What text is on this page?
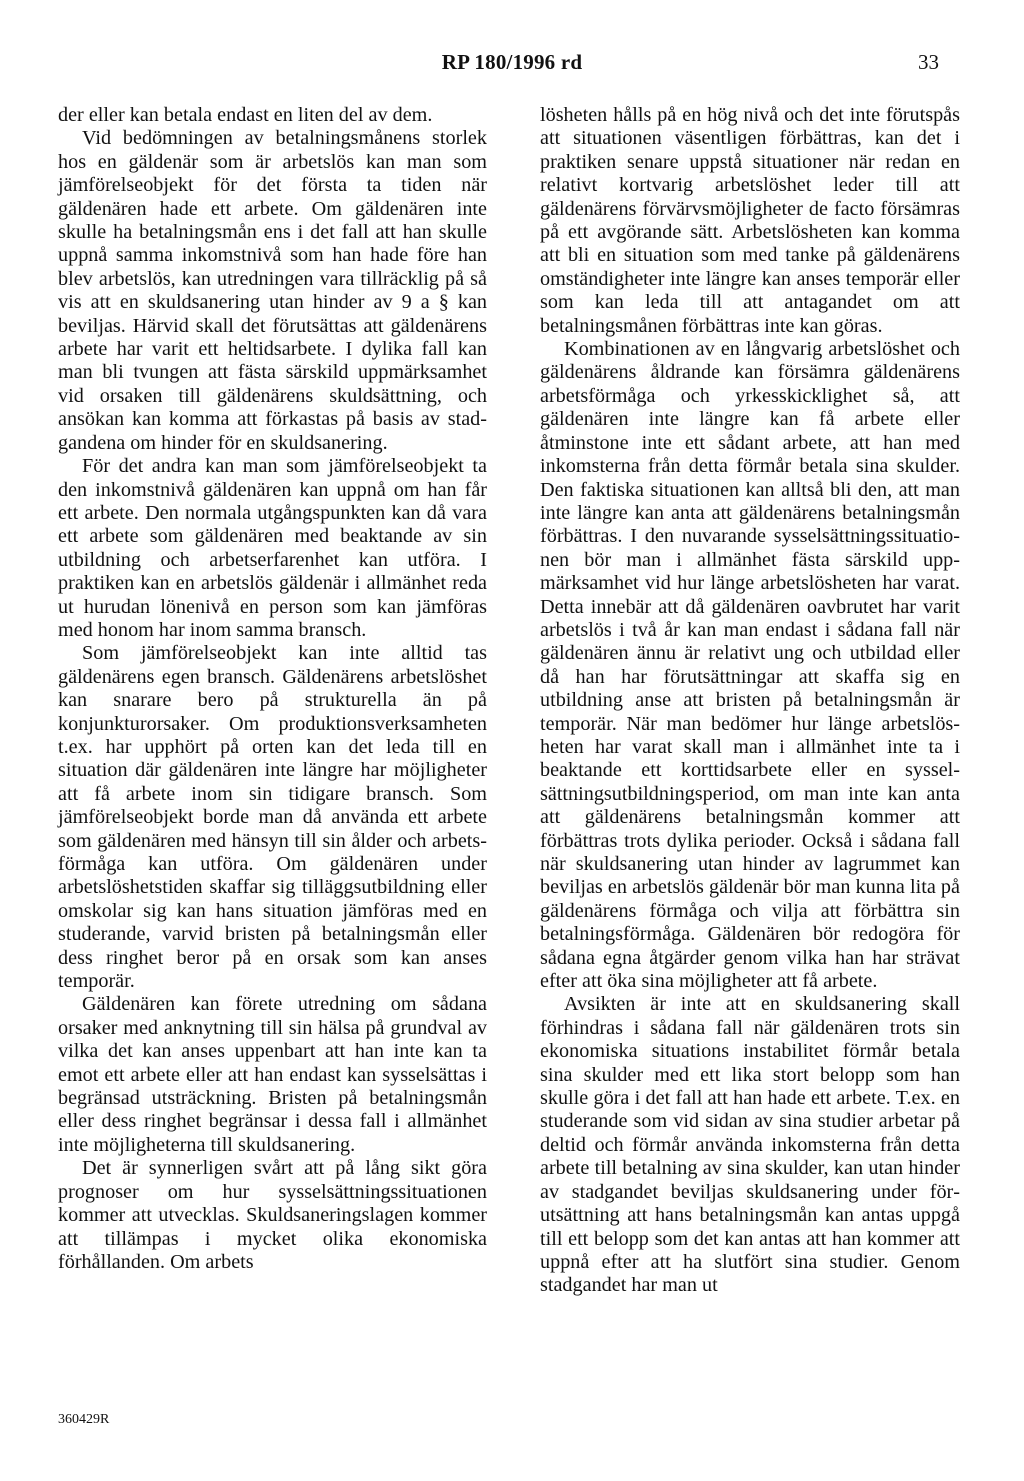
RP 180/1996 rd	33

der eller kan betala endast en liten del av dem.

Vid bedömningen av betalningsmånens storlek hos en gäldenär som är arbetslös kan man som jämförelseobjekt för det första ta tiden när gäldenären hade ett arbete. Om gäldenären inte skulle ha betalningsmån ens i det fall att han skulle uppnå samma inkomstnivå som han hade före han blev arbetslös, kan utredningen vara tillräcklig på så vis att en skuldsanering utan hinder av 9 a § kan beviljas. Härvid skall det förutsättas att gäldenärens arbete har varit ett heltidsarbete. I dylika fall kan man bli tvungen att fästa särskild uppmärksamhet vid orsaken till gäldenärens skuldsättning, och ansökan kan komma att förkastas på basis av stadgandena om hinder för en skuldsanering.

För det andra kan man som jämförelseobjekt ta den inkomstnivå gäldenären kan uppnå om han får ett arbete. Den normala utgångspunkten kan då vara ett arbete som gäldenären med beaktande av sin utbildning och arbetserfarenhet kan utföra. I praktiken kan en arbetslös gäldenär i allmänhet reda ut hurudan lönenivå en person som kan jämföras med honom har inom samma bransch.

Som jämförelseobjekt kan inte alltid tas gäldenärens egen bransch. Gäldenärens arbetslöshet kan snarare bero på strukturella än på konjunkturorsaker. Om produktionsverksamheten t.ex. har upphört på orten kan det leda till en situation där gäldenären inte längre har möjligheter att få arbete inom sin tidigare bransch. Som jämförelseobjekt borde man då använda ett arbete som gäldenären med hänsyn till sin ålder och arbetsförmåga kan utföra. Om gäldenären under arbetslöshetstiden skaffar sig tilläggsutbildning eller omskolar sig kan hans situation jämföras med en studerande, varvid bristen på betalningsmån eller dess ringhet beror på en orsak som kan anses temporär.

Gäldenären kan förete utredning om sådana orsaker med anknytning till sin hälsa på grundval av vilka det kan anses uppenbart att han inte kan ta emot ett arbete eller att han endast kan sysselsättas i begränsad utsträckning. Bristen på betalningsmån eller dess ringhet begränsar i dessa fall i allmänhet inte möjligheterna till skuldsanering.

Det är synnerligen svårt att på lång sikt göra prognoser om hur sysselsättningssituationen kommer att utvecklas. Skuldsaneringslagen kommer att tillämpas i mycket olika ekonomiska förhållanden. Om arbets

lösheten hålls på en hög nivå och det inte förutspås att situationen väsentligen förbättras, kan det i praktiken senare uppstå situationer när redan en relativt kortvarig arbetslöshet leder till att gäldenärens förvärvsmöjligheter de facto försämras på ett avgörande sätt. Arbetslösheten kan komma att bli en situation som med tanke på gäldenärens omständigheter inte längre kan anses temporär eller som kan leda till att antagandet om att betalningsmånen förbättras inte kan göras.

Kombinationen av en långvarig arbetslöshet och gäldenärens åldrande kan försämra gäldenärens arbetsförmåga och yrkesskicklighet så, att gäldenären inte längre kan få arbete eller åtminstone inte ett sådant arbete, att han med inkomsterna från detta förmår betala sina skulder. Den faktiska situationen kan alltså bli den, att man inte längre kan anta att gäldenärens betalningsmån förbättras. I den nuvarande sysselsättningssituationen bör man i allmänhet fästa särskild uppmärksamhet vid hur länge arbetslösheten har varat. Detta innebär att då gäldenären oavbrutet har varit arbetslös i två år kan man endast i sådana fall när gäldenären ännu är relativt ung och utbildad eller då han har förutsättningar att skaffa sig en utbildning anse att bristen på betalningsmån är temporär. När man bedömer hur länge arbetslösheten har varat skall man i allmänhet inte ta i beaktande ett korttidsarbete eller en sysselsättningsutbildningsperiod, om man inte kan anta att gäldenärens betalningsmån kommer att förbättras trots dylika perioder. Också i sådana fall när skuldsanering utan hinder av lagrummet kan beviljas en arbetslös gäldenär bör man kunna lita på gäldenärens förmåga och vilja att förbättra sin betalningsförmåga. Gäldenären bör redogöra för sådana egna åtgärder genom vilka han har strävat efter att öka sina möjligheter att få arbete.

Avsikten är inte att en skuldsanering skall förhindras i sådana fall när gäldenären trots sin ekonomiska situations instabilitet förmår betala sina skulder med ett lika stort belopp som han skulle göra i det fall att han hade ett arbete. T.ex. en studerande som vid sidan av sina studier arbetar på deltid och förmår använda inkomsterna från detta arbete till betalning av sina skulder, kan utan hinder av stadgandet beviljas skuldsanering under förutsättning att hans betalningsmån kan antas uppgå till ett belopp som det kan antas att han kommer att uppnå efter att ha slutfört sina studier. Genom stadgandet har man ut

360429R
